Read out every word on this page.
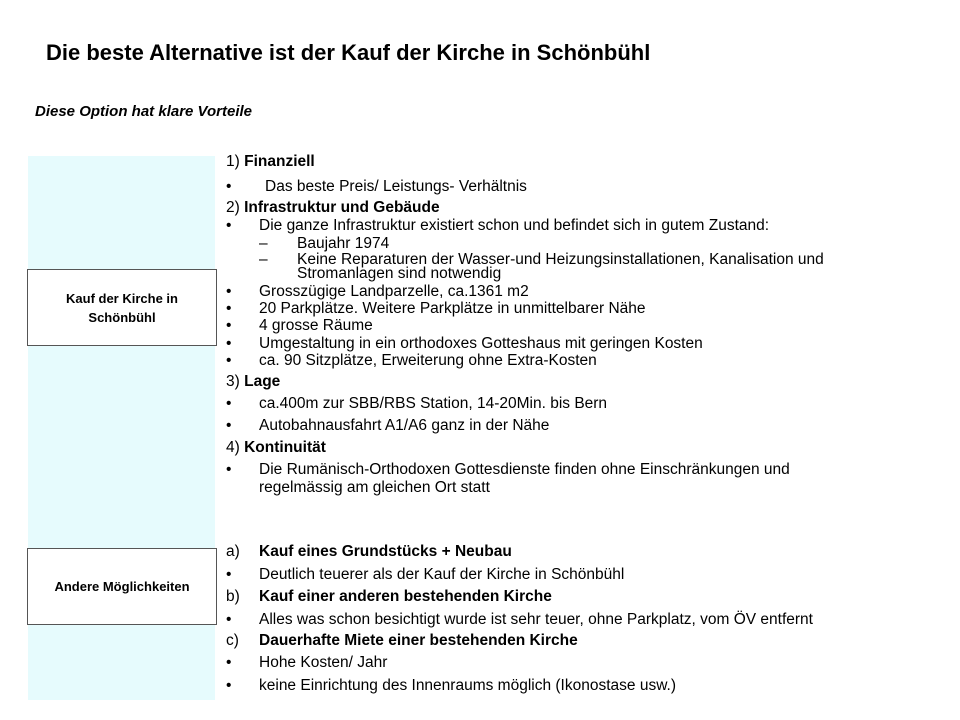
Die beste Alternative ist der Kauf der Kirche in Schönbühl
Diese Option hat klare Vorteile
Kauf der Kirche in
Schönbühl
Andere Möglichkeiten
1) Finanziell
• Das beste Preis/ Leistungs- Verhältnis
2) Infrastruktur und Gebäude
• Die ganze Infrastruktur existiert schon und befindet sich in gutem Zustand:
– Baujahr 1974
– Keine Reparaturen der Wasser-und Heizungsinstallationen, Kanalisation und
Stromanlagen sind notwendig
• Grosszügige Landparzelle, ca.1361 m2
• 20 Parkplätze. Weitere Parkplätze in unmittelbarer Nähe
• 4 grosse Räume
• Umgestaltung in ein orthodoxes Gotteshaus mit geringen Kosten
• ca. 90 Sitzplätze, Erweiterung ohne Extra-Kosten
3) Lage
• ca.400m zur SBB/RBS Station, 14-20Min. bis Bern
• Autobahnausfahrt A1/A6 ganz in der Nähe
4) Kontinuität
• Die Rumänisch-Orthodoxen Gottesdienste finden ohne Einschränkungen und
regelmässig am gleichen Ort statt
a) Kauf eines Grundstücks + Neubau
• Deutlich teuerer als der Kauf der Kirche in Schönbühl
b) Kauf einer anderen bestehenden Kirche
• Alles was schon besichtigt wurde ist sehr teuer, ohne Parkplatz, vom ÖV entfernt
c) Dauerhafte Miete einer bestehenden Kirche
• Hohe Kosten/ Jahr
• keine Einrichtung des Innenraums möglich (Ikonostase usw.)
